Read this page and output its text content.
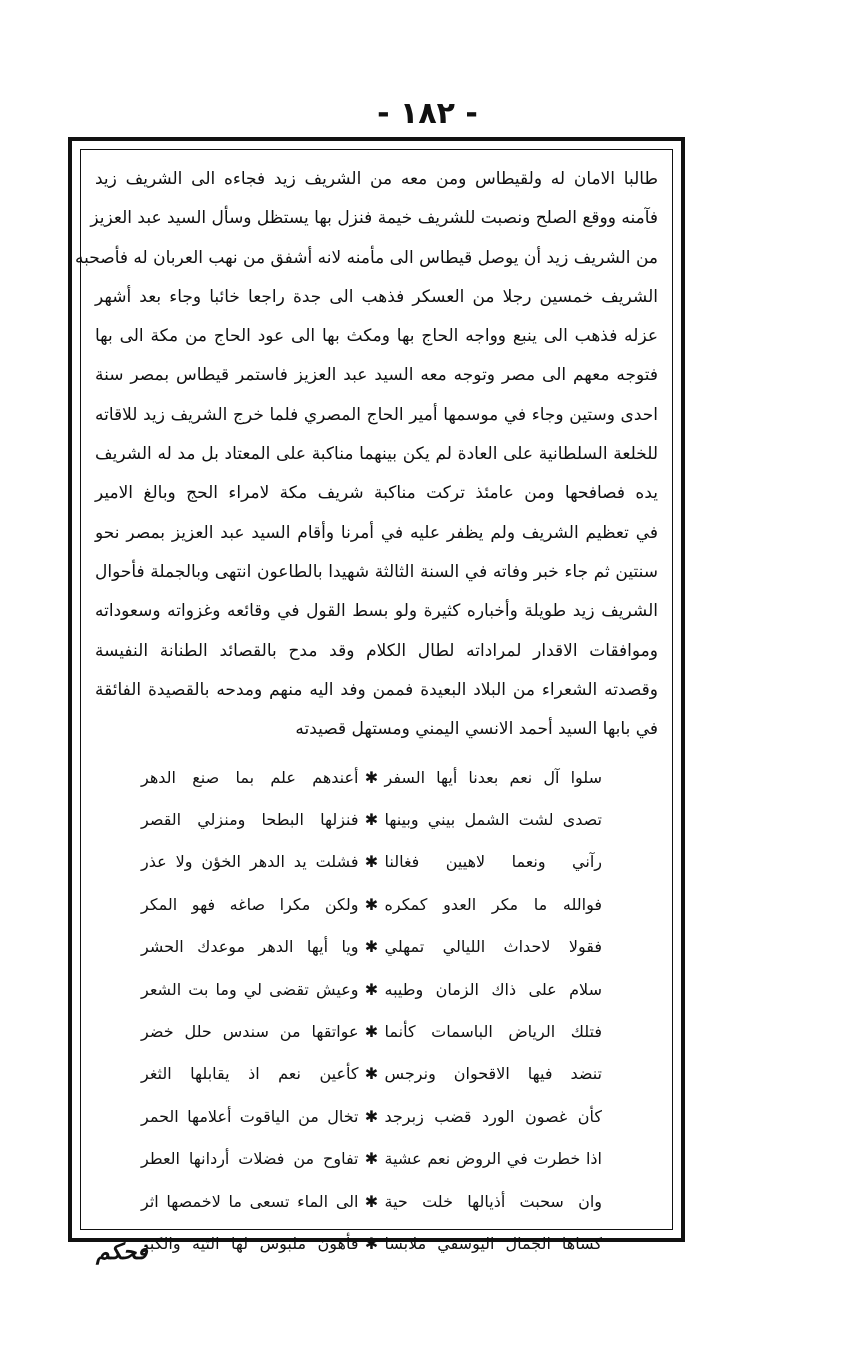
- ١٨٢ -
طالبا الامان له ولقيطاس ومن معه من الشريف زيد فجاءه الى الشريف زيد
فآمنه ووقع الصلح ونصبت للشريف خيمة فنزل بها يستظل وسأل السيد عبد العزيز
من الشريف زيد أن يوصل قيطاس الى مأمنه لانه أشفق من نهب العربان له فأصحبه
الشريف خمسين رجلا من العسكر فذهب الى جدة راجعا خائبا وجاء بعد أشهر
عزله فذهب الى ينبع وواجه الحاج بها ومكث بها الى عود الحاج من مكة الى بها
فتوجه معهم الى مصر وتوجه معه السيد عبد العزيز فاستمر قيطاس بمصر سنة
احدى وستين وجاء في موسمها أمير الحاج المصري فلما خرج الشريف زيد للاقاته
للخلعة السلطانية على العادة لم يكن بينهما مناكبة على المعتاد بل مد له الشريف
يده فصافحها ومن عامئذ تركت مناكبة شريف مكة لامراء الحج وبالغ الامير
في تعظيم الشريف ولم يظفر عليه في أمرنا وأقام السيد عبد العزيز بمصر نحو
سنتين ثم جاء خبر وفاته في السنة الثالثة شهيدا بالطاعون انتهى وبالجملة فأحوال
الشريف زيد طويلة وأخباره كثيرة ولو بسط القول في وقائعه وغزواته وسعوداته
وموافقات الاقدار لمراداته لطال الكلام وقد مدح بالقصائد الطنانة النفيسة
وقصدته الشعراء من البلاد البعيدة فممن وفد اليه منهم ومدحه بالقصيدة الفائقة
في بابها السيد أحمد الانسي اليمني ومستهل قصيدته
سلوا آل نعم بعدنا أيها السفر
✱
أعندهم علم بما صنع الدهر
تصدى لشت الشمل بيني وبينها
✱
فنزلها البطحا ومنزلي القصر
رآني ونعما لاهيين فغالنا
✱
فشلت يد الدهر الخؤن ولا عذر
فوالله ما مكر العدو كمكره
✱
ولكن مكرا صاغه فهو المكر
فقولا لاحداث الليالي تمهلي
✱
ويا أيها الدهر موعدك الحشر
سلام على ذاك الزمان وطيبه
✱
وعيش تقضى لي وما بت الشعر
فتلك الرياض الباسمات كأنما
✱
عواتقها من سندس حلل خضر
تنضد فيها الاقحوان ونرجس
✱
كأعين نعم اذ يقابلها الثغر
كأن غصون الورد قضب زبرجد
✱
تخال من الياقوت أعلامها الحمر
اذا خطرت في الروض نعم عشية
✱
تفاوح من فضلات أردانها العطر
وان سحبت أذيالها خلت حية
✱
الى الماء تسعى ما لاخمصها اثر
كساها الجمال اليوسفي ملابسا
✱
فأهون ملبوس لها التيه والكبر
فحكم
